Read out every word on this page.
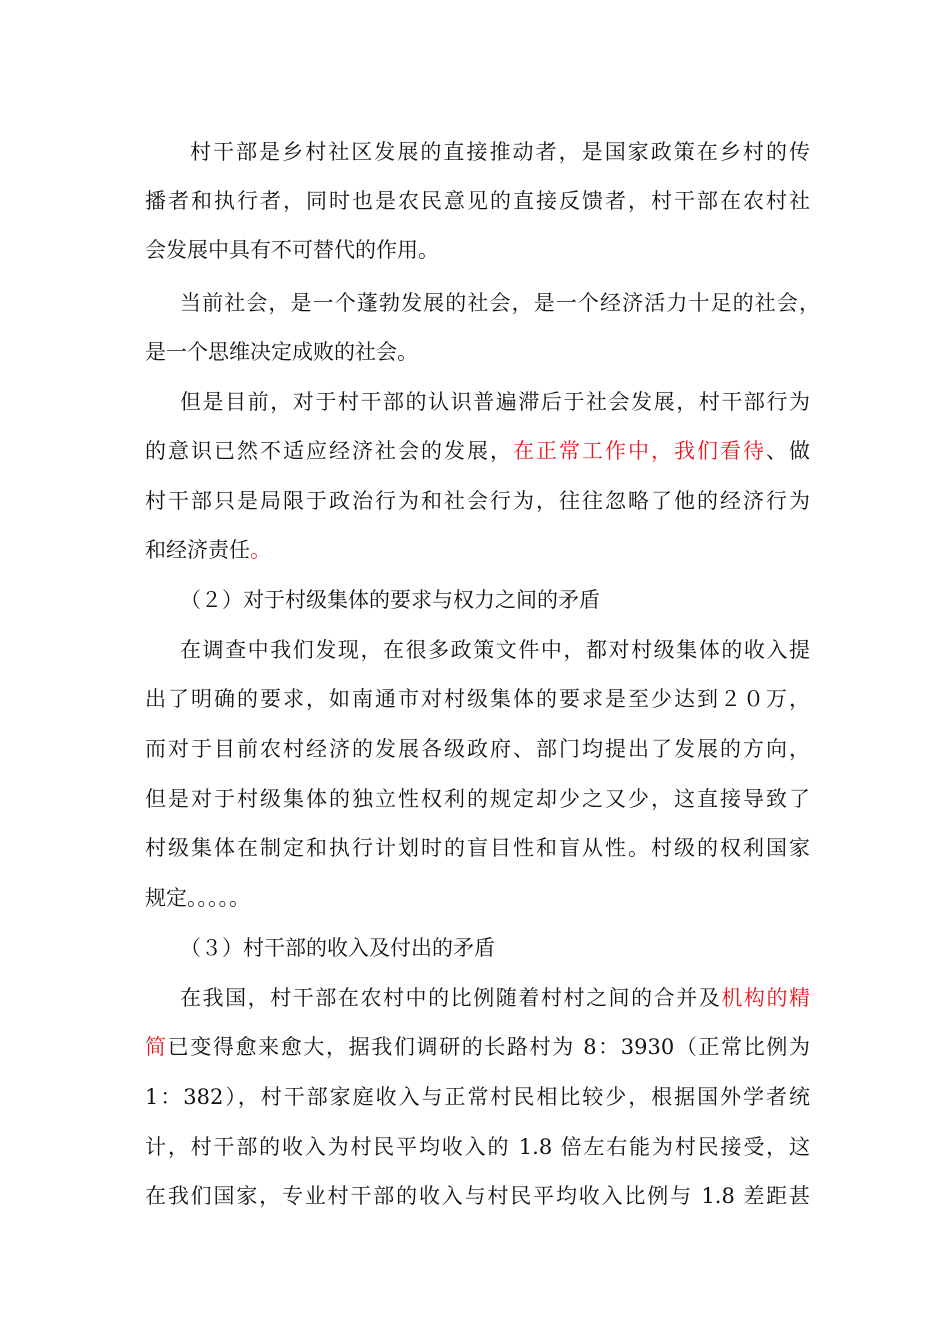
村干部是乡村社区发展的直接推动者，是国家政策在乡村的传
播者和执行者，同时也是农民意见的直接反馈者，村干部在农村社
会发展中具有不可替代的作用。
当前社会，是一个蓬勃发展的社会，是一个经济活力十足的社会，
是一个思维决定成败的社会。
但是目前，对于村干部的认识普遍滞后于社会发展，村干部行为
的意识已然不适应经济社会的发展，在正常工作中，我们看待、做
村干部只是局限于政治行为和社会行为，往往忽略了他的经济行为
和经济责任。
（２）对于村级集体的要求与权力之间的矛盾
在调查中我们发现，在很多政策文件中，都对村级集体的收入提
出了明确的要求，如南通市对村级集体的要求是至少达到２０万，
而对于目前农村经济的发展各级政府、部门均提出了发展的方向，
但是对于村级集体的独立性权利的规定却少之又少，这直接导致了
村级集体在制定和执行计划时的盲目性和盲从性。村级的权利国家
规定。。。。。
（３）村干部的收入及付出的矛盾
在我国，村干部在农村中的比例随着村村之间的合并及机构的精
简已变得愈来愈大，据我们调研的长路村为 8：3930（正常比例为
1：382），村干部家庭收入与正常村民相比较少，根据国外学者统
计，村干部的收入为村民平均收入的 1.8 倍左右能为村民接受，这
在我们国家，专业村干部的收入与村民平均收入比例与 1.8 差距甚
